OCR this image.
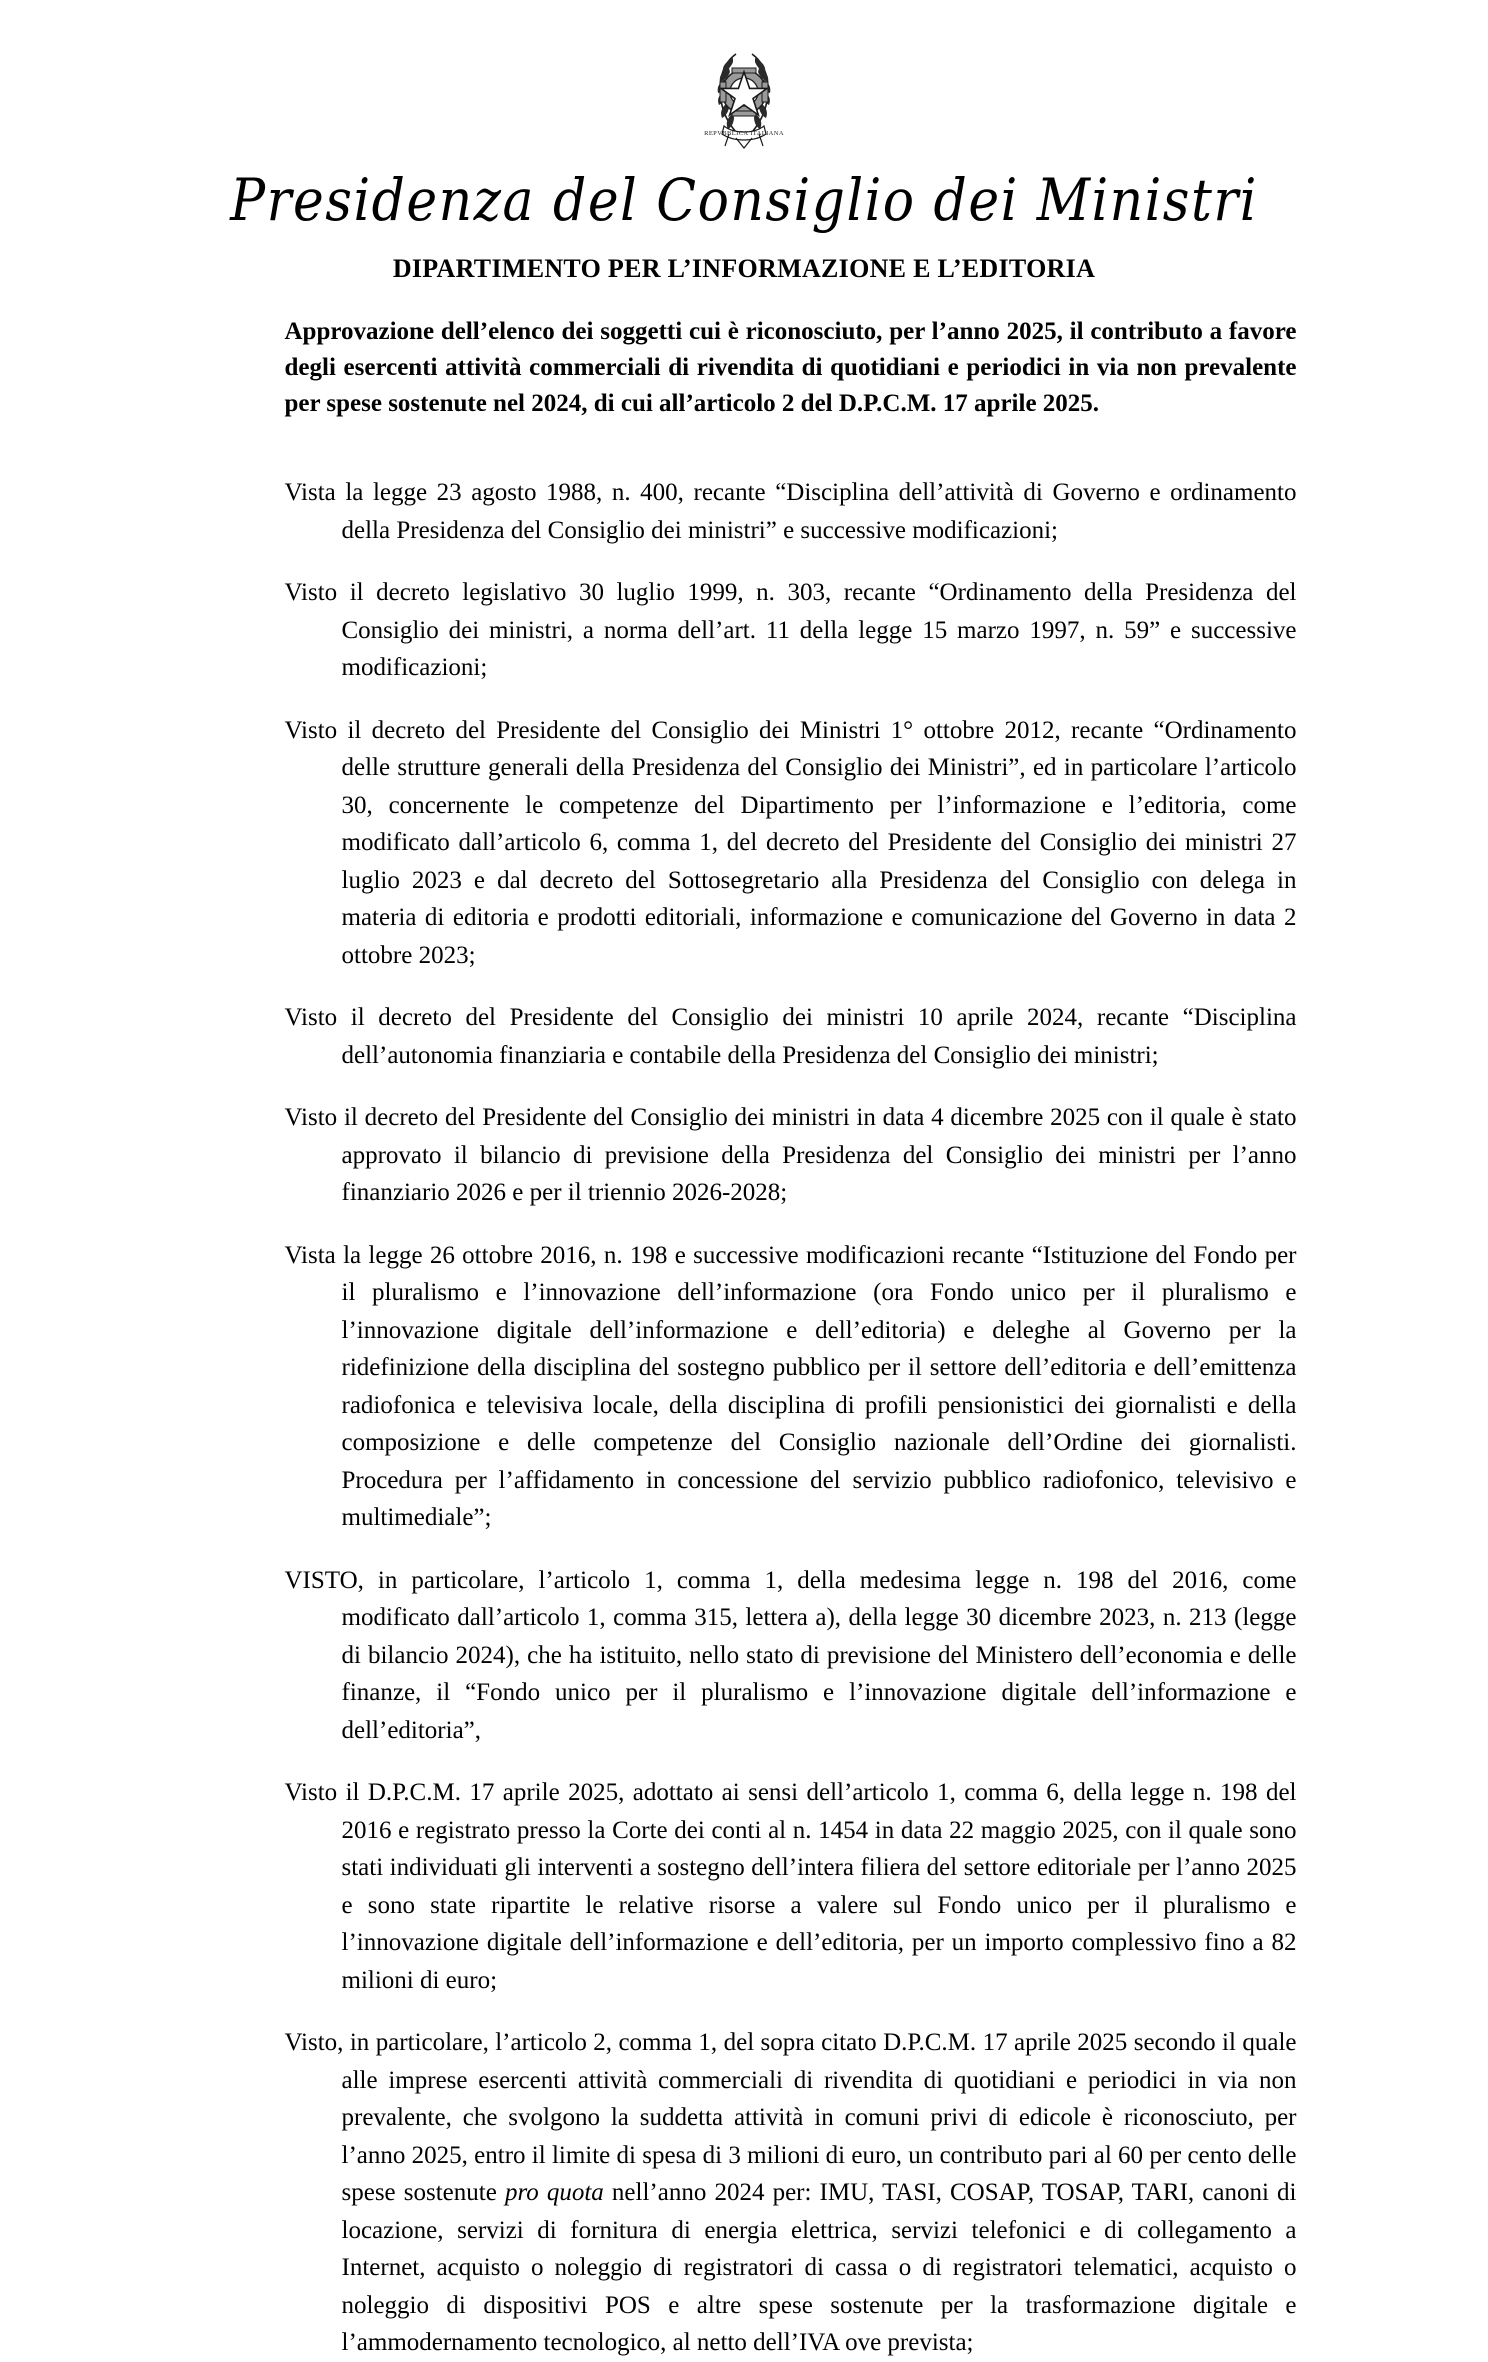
REPVBBLICA ITALIANA
Presidenza del Consiglio dei Ministri
DIPARTIMENTO PER L’INFORMAZIONE E L’EDITORIA
Approvazione dell’elenco dei soggetti cui è riconosciuto, per l’anno 2025, il contributo a favore degli esercenti attività commerciali di rivendita di quotidiani e periodici in via non prevalente per spese sostenute nel 2024, di cui all’articolo 2 del D.P.C.M. 17 aprile 2025.

Vista la legge 23 agosto 1988, n. 400, recante “Disciplina dell’attività di Governo e ordinamento della Presidenza del Consiglio dei ministri” e successive modificazioni;

Visto il decreto legislativo 30 luglio 1999, n. 303, recante “Ordinamento della Presidenza del Consiglio dei ministri, a norma dell’art. 11 della legge 15 marzo 1997, n. 59” e successive modificazioni;

Visto il decreto del Presidente del Consiglio dei Ministri 1° ottobre 2012, recante “Ordinamento delle strutture generali della Presidenza del Consiglio dei Ministri”, ed in particolare l’articolo 30, concernente le competenze del Dipartimento per l’informazione e l’editoria, come modificato dall’articolo 6, comma 1, del decreto del Presidente del Consiglio dei ministri 27 luglio 2023 e dal decreto del Sottosegretario alla Presidenza del Consiglio con delega in materia di editoria e prodotti editoriali, informazione e comunicazione del Governo in data 2 ottobre 2023;

Visto il decreto del Presidente del Consiglio dei ministri 10 aprile 2024, recante “Disciplina dell’autonomia finanziaria e contabile della Presidenza del Consiglio dei ministri;

Visto il decreto del Presidente del Consiglio dei ministri in data 4 dicembre 2025 con il quale è stato approvato il bilancio di previsione della Presidenza del Consiglio dei ministri per l’anno finanziario 2026 e per il triennio 2026-2028;

Vista la legge 26 ottobre 2016, n. 198 e successive modificazioni recante “Istituzione del Fondo per il pluralismo e l’innovazione dell’informazione (ora Fondo unico per il pluralismo e l’innovazione digitale dell’informazione e dell’editoria) e deleghe al Governo per la ridefinizione della disciplina del sostegno pubblico per il settore dell’editoria e dell’emittenza radiofonica e televisiva locale, della disciplina di profili pensionistici dei giornalisti e della composizione e delle competenze del Consiglio nazionale dell’Ordine dei giornalisti. Procedura per l’affidamento in concessione del servizio pubblico radiofonico, televisivo e multimediale”;

VISTO, in particolare, l’articolo 1, comma 1, della medesima legge n. 198 del 2016, come modificato dall’articolo 1, comma 315, lettera a), della legge 30 dicembre 2023, n. 213 (legge di bilancio 2024), che ha istituito, nello stato di previsione del Ministero dell’economia e delle finanze, il “Fondo unico per il pluralismo e l’innovazione digitale dell’informazione e dell’editoria”,

Visto il D.P.C.M. 17 aprile 2025, adottato ai sensi dell’articolo 1, comma 6, della legge n. 198 del 2016 e registrato presso la Corte dei conti al n. 1454 in data 22 maggio 2025, con il quale sono stati individuati gli interventi a sostegno dell’intera filiera del settore editoriale per l’anno 2025 e sono state ripartite le relative risorse a valere sul Fondo unico per il pluralismo e l’innovazione digitale dell’informazione e dell’editoria, per un importo complessivo fino a 82 milioni di euro;

Visto, in particolare, l’articolo 2, comma 1, del sopra citato D.P.C.M. 17 aprile 2025 secondo il quale alle imprese esercenti attività commerciali di rivendita di quotidiani e periodici in via non prevalente, che svolgono la suddetta attività in comuni privi di edicole è riconosciuto, per l’anno 2025, entro il limite di spesa di 3 milioni di euro, un contributo pari al 60 per cento delle spese sostenute pro quota nell’anno 2024 per: IMU, TASI, COSAP, TOSAP, TARI, canoni di locazione, servizi di fornitura di energia elettrica, servizi telefonici e di collegamento a Internet, acquisto o noleggio di registratori di cassa o di registratori telematici, acquisto o noleggio di dispositivi POS e altre spese sostenute per la trasformazione digitale e l’ammodernamento tecnologico, al netto dell’IVA ove prevista;
